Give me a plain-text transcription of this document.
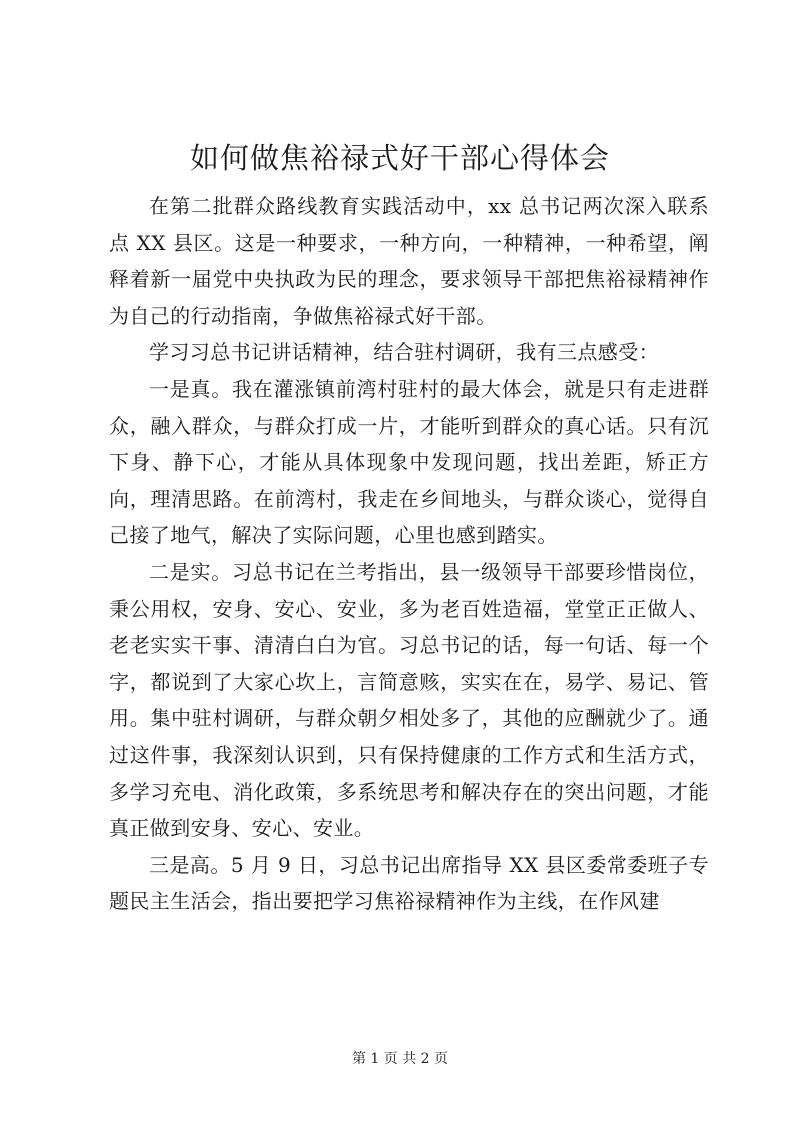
如何做焦裕禄式好干部心得体会

在第二批群众路线教育实践活动中，xx 总书记两次深入联系点 XX 县区。这是一种要求，一种方向，一种精神，一种希望，阐释着新一届党中央执政为民的理念，要求领导干部把焦裕禄精神作为自己的行动指南，争做焦裕禄式好干部。

学习习总书记讲话精神，结合驻村调研，我有三点感受：

一是真。我在灌涨镇前湾村驻村的最大体会，就是只有走进群众，融入群众，与群众打成一片，才能听到群众的真心话。只有沉下身、静下心，才能从具体现象中发现问题，找出差距，矫正方向，理清思路。在前湾村，我走在乡间地头，与群众谈心，觉得自己接了地气，解决了实际问题，心里也感到踏实。

二是实。习总书记在兰考指出，县一级领导干部要珍惜岗位，秉公用权，安身、安心、安业，多为老百姓造福，堂堂正正做人、老老实实干事、清清白白为官。习总书记的话，每一句话、每一个字，都说到了大家心坎上，言简意赅，实实在在，易学、易记、管用。集中驻村调研，与群众朝夕相处多了，其他的应酬就少了。通过这件事，我深刻认识到，只有保持健康的工作方式和生活方式，多学习充电、消化政策，多系统思考和解决存在的突出问题，才能真正做到安身、安心、安业。

三是高。5 月 9 日，习总书记出席指导 XX 县区委常委班子专题民主生活会，指出要把学习焦裕禄精神作为主线，在作风建

第 1 页 共 2 页
